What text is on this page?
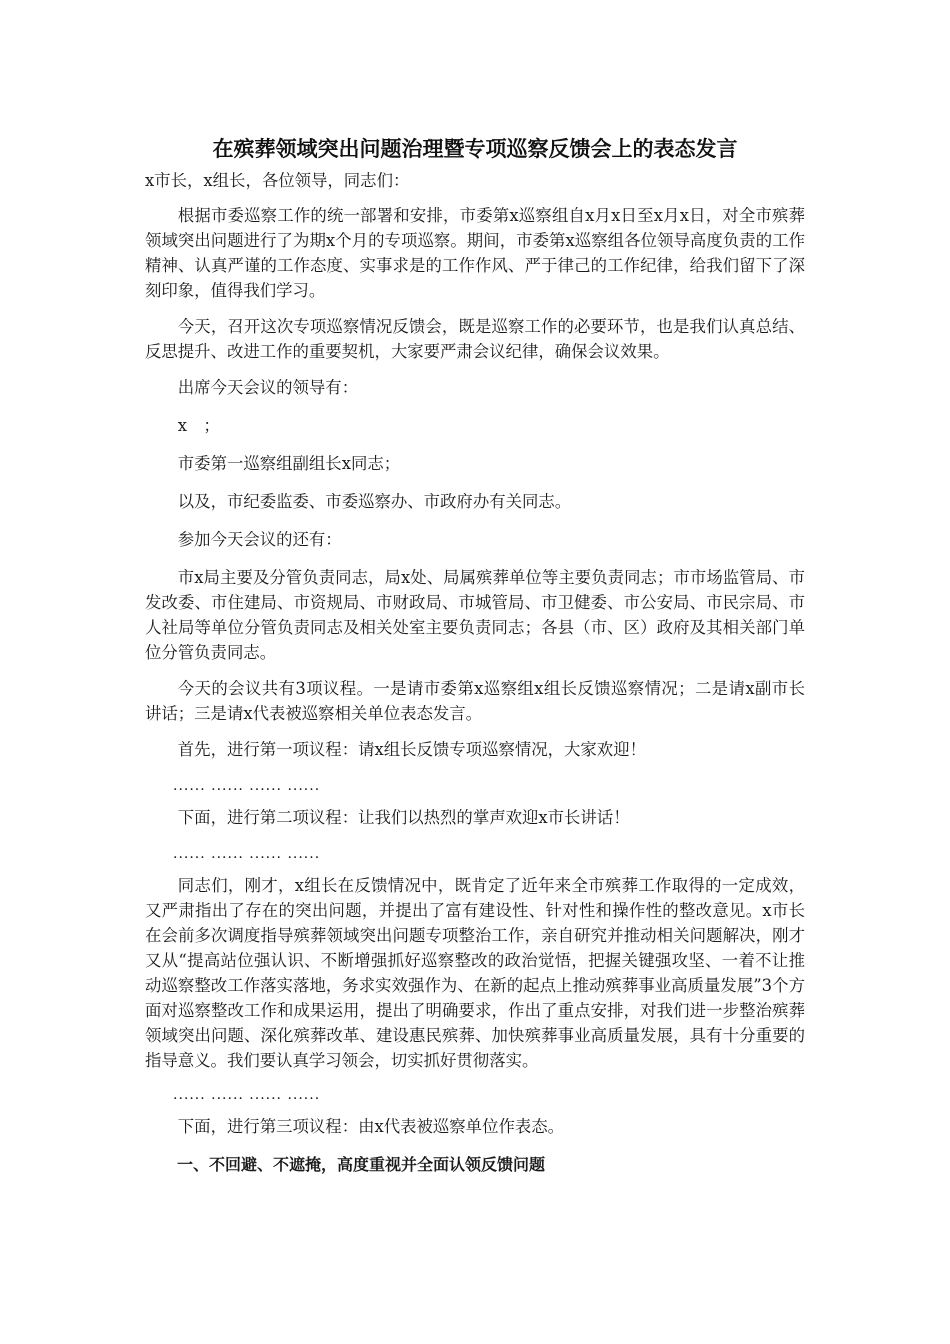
在殡葬领域突出问题治理暨专项巡察反馈会上的表态发言

x市长，x组长，各位领导，同志们：

根据市委巡察工作的统一部署和安排，市委第x巡察组自x月x日至x月x日，对全市殡葬领域突出问题进行了为期x个月的专项巡察。期间，市委第x巡察组各位领导高度负责的工作精神、认真严谨的工作态度、实事求是的工作作风、严于律己的工作纪律，给我们留下了深刻印象，值得我们学习。

今天，召开这次专项巡察情况反馈会，既是巡察工作的必要环节，也是我们认真总结、反思提升、改进工作的重要契机，大家要严肃会议纪律，确保会议效果。

出席今天会议的领导有：

x　；

市委第一巡察组副组长x同志；

以及，市纪委监委、市委巡察办、市政府办有关同志。

参加今天会议的还有：

市x局主要及分管负责同志，局x处、局属殡葬单位等主要负责同志；市市场监管局、市发改委、市住建局、市资规局、市财政局、市城管局、市卫健委、市公安局、市民宗局、市人社局等单位分管负责同志及相关处室主要负责同志；各县（市、区）政府及其相关部门单位分管负责同志。

今天的会议共有3项议程。一是请市委第x巡察组x组长反馈巡察情况；二是请x副市长讲话；三是请x代表被巡察相关单位表态发言。

首先，进行第一项议程：请x组长反馈专项巡察情况，大家欢迎！

...... ...... ...... ......

下面，进行第二项议程：让我们以热烈的掌声欢迎x市长讲话！

...... ...... ...... ......

同志们，刚才，x组长在反馈情况中，既肯定了近年来全市殡葬工作取得的一定成效，又严肃指出了存在的突出问题，并提出了富有建设性、针对性和操作性的整改意见。x市长在会前多次调度指导殡葬领域突出问题专项整治工作，亲自研究并推动相关问题解决，刚才又从“提高站位强认识、不断增强抓好巡察整改的政治觉悟，把握关键强攻坚、一着不让推动巡察整改工作落实落地，务求实效强作为、在新的起点上推动殡葬事业高质量发展”3个方面对巡察整改工作和成果运用，提出了明确要求，作出了重点安排，对我们进一步整治殡葬领域突出问题、深化殡葬改革、建设惠民殡葬、加快殡葬事业高质量发展，具有十分重要的指导意义。我们要认真学习领会，切实抓好贯彻落实。

...... ...... ...... ......

下面，进行第三项议程：由x代表被巡察单位作表态。

一、不回避、不遮掩，高度重视并全面认领反馈问题
